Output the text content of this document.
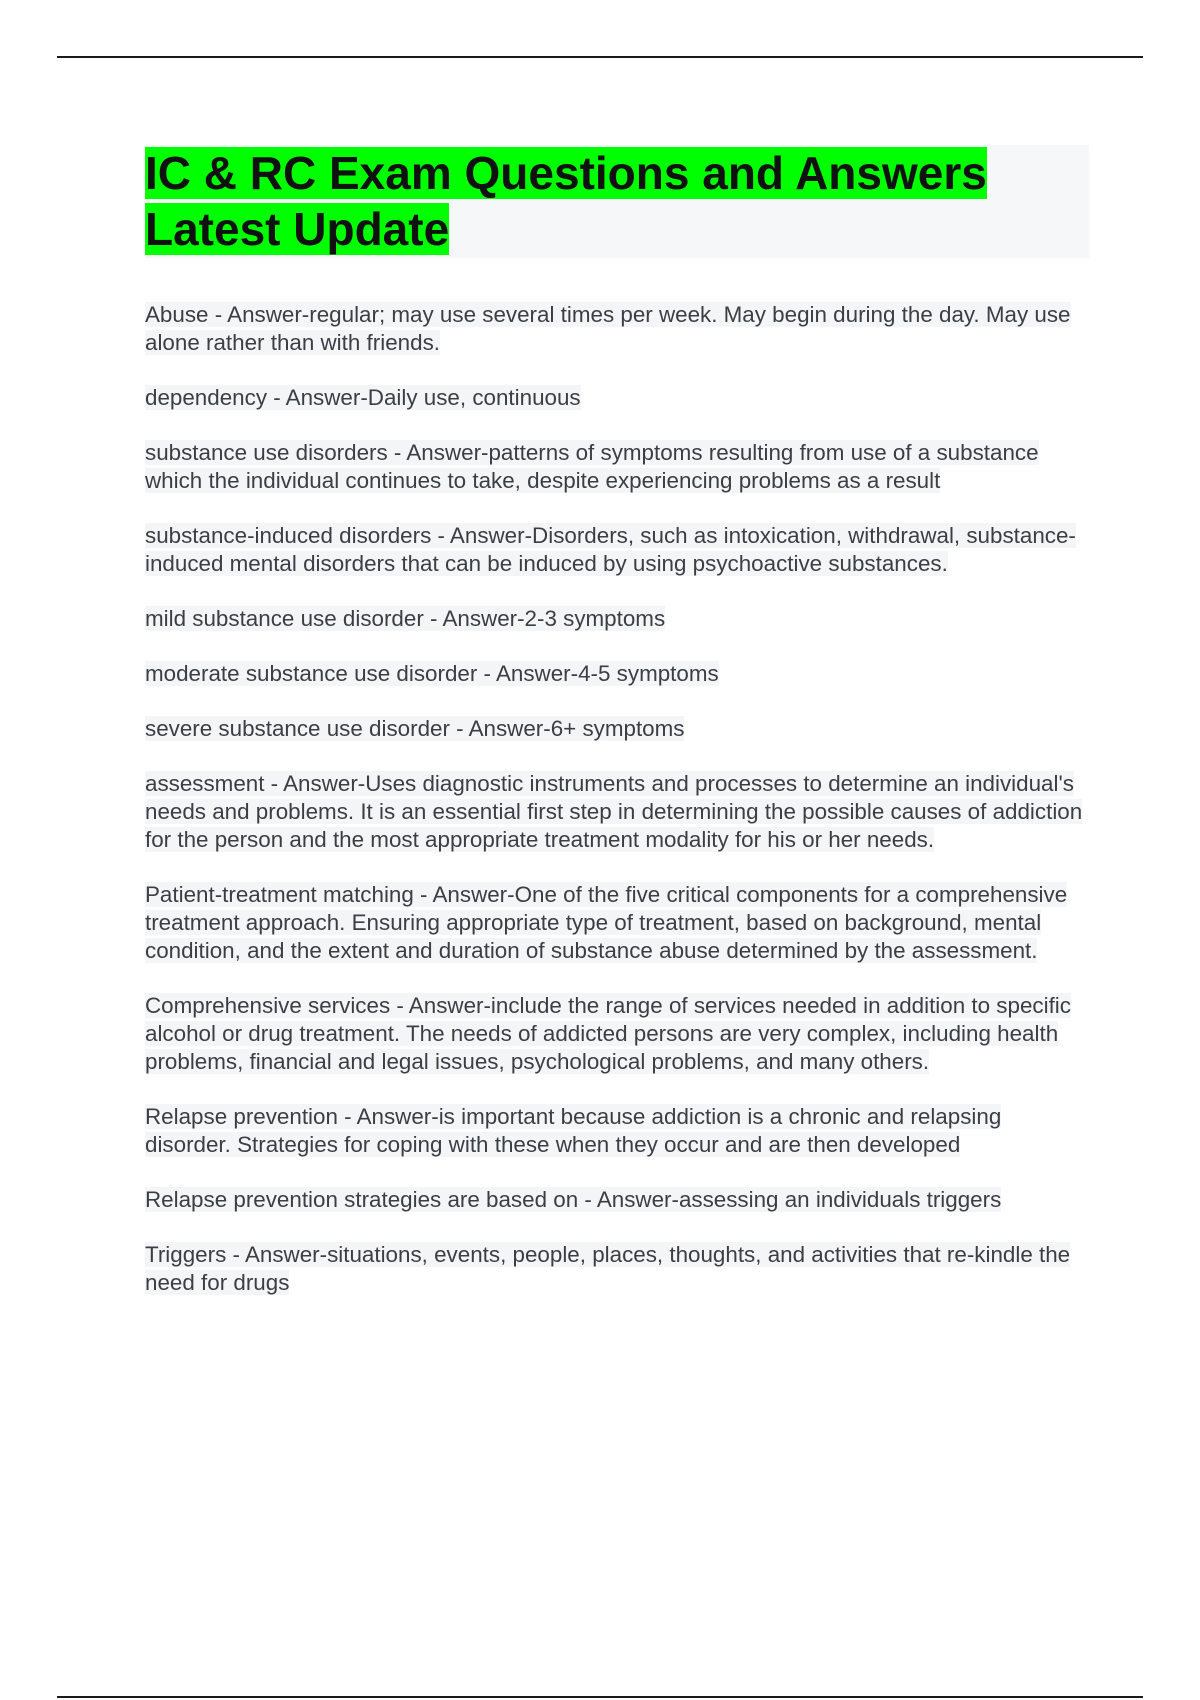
IC & RC Exam Questions and Answers
Latest Update

Abuse - Answer-regular; may use several times per week. May begin during the day. May use alone rather than with friends.

dependency - Answer-Daily use, continuous

substance use disorders - Answer-patterns of symptoms resulting from use of a substance which the individual continues to take, despite experiencing problems as a result

substance-induced disorders - Answer-Disorders, such as intoxication, withdrawal, substance-induced mental disorders that can be induced by using psychoactive substances.

mild substance use disorder - Answer-2-3 symptoms

moderate substance use disorder - Answer-4-5 symptoms

severe substance use disorder - Answer-6+ symptoms

assessment - Answer-Uses diagnostic instruments and processes to determine an individual's needs and problems. It is an essential first step in determining the possible causes of addiction for the person and the most appropriate treatment modality for his or her needs.

Patient-treatment matching - Answer-One of the five critical components for a comprehensive treatment approach. Ensuring appropriate type of treatment, based on background, mental condition, and the extent and duration of substance abuse determined by the assessment.

Comprehensive services - Answer-include the range of services needed in addition to specific alcohol or drug treatment. The needs of addicted persons are very complex, including health problems, financial and legal issues, psychological problems, and many others.

Relapse prevention - Answer-is important because addiction is a chronic and relapsing disorder. Strategies for coping with these when they occur and are then developed

Relapse prevention strategies are based on - Answer-assessing an individuals triggers

Triggers - Answer-situations, events, people, places, thoughts, and activities that re-kindle the need for drugs
